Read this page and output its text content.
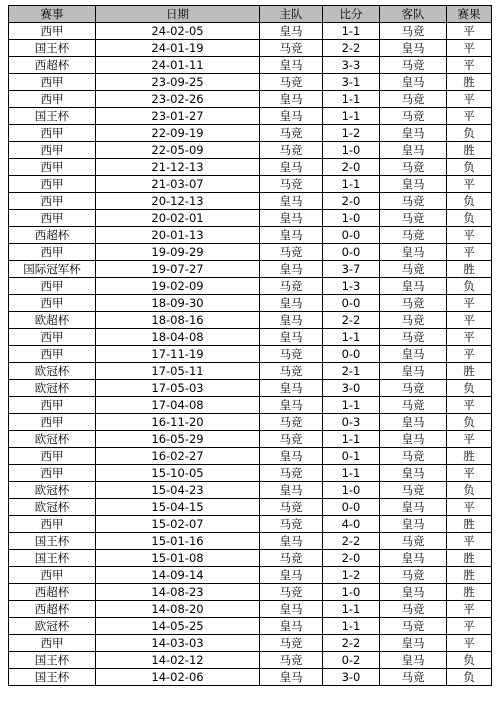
赛事	日期	主队	比分	客队	赛果
西甲	24-02-05	皇马	1-1	马竞	平
国王杯	24-01-19	马竞	2-2	皇马	平
西超杯	24-01-11	皇马	3-3	马竞	平
西甲	23-09-25	马竞	3-1	皇马	胜
西甲	23-02-26	皇马	1-1	马竞	平
国王杯	23-01-27	皇马	1-1	马竞	平
西甲	22-09-19	马竞	1-2	皇马	负
西甲	22-05-09	马竞	1-0	皇马	胜
西甲	21-12-13	皇马	2-0	马竞	负
西甲	21-03-07	马竞	1-1	皇马	平
西甲	20-12-13	皇马	2-0	马竞	负
西甲	20-02-01	皇马	1-0	马竞	负
西超杯	20-01-13	皇马	0-0	马竞	平
西甲	19-09-29	马竞	0-0	皇马	平
国际冠军杯	19-07-27	皇马	3-7	马竞	胜
西甲	19-02-09	马竞	1-3	皇马	负
西甲	18-09-30	皇马	0-0	马竞	平
欧超杯	18-08-16	皇马	2-2	马竞	平
西甲	18-04-08	皇马	1-1	马竞	平
西甲	17-11-19	马竞	0-0	皇马	平
欧冠杯	17-05-11	马竞	2-1	皇马	胜
欧冠杯	17-05-03	皇马	3-0	马竞	负
西甲	17-04-08	皇马	1-1	马竞	平
西甲	16-11-20	马竞	0-3	皇马	负
欧冠杯	16-05-29	马竞	1-1	皇马	平
西甲	16-02-27	皇马	0-1	马竞	胜
西甲	15-10-05	马竞	1-1	皇马	平
欧冠杯	15-04-23	皇马	1-0	马竞	负
欧冠杯	15-04-15	马竞	0-0	皇马	平
西甲	15-02-07	马竞	4-0	皇马	胜
国王杯	15-01-16	皇马	2-2	马竞	平
国王杯	15-01-08	马竞	2-0	皇马	胜
西甲	14-09-14	皇马	1-2	马竞	胜
西超杯	14-08-23	马竞	1-0	皇马	胜
西超杯	14-08-20	皇马	1-1	马竞	平
欧冠杯	14-05-25	皇马	1-1	马竞	平
西甲	14-03-03	马竞	2-2	皇马	平
国王杯	14-02-12	马竞	0-2	皇马	负
国王杯	14-02-06	皇马	3-0	马竞	负
